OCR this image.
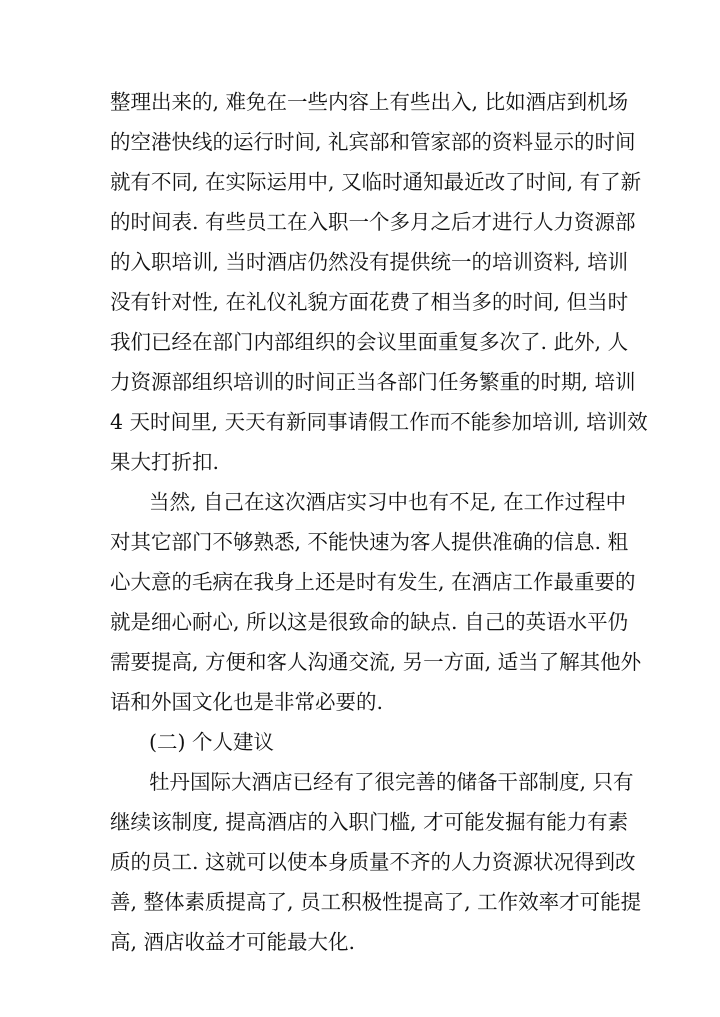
整理出来的, 难免在一些内容上有些出入, 比如酒店到机场
的空港快线的运行时间, 礼宾部和管家部的资料显示的时间
就有不同, 在实际运用中, 又临时通知最近改了时间, 有了新
的时间表. 有些员工在入职一个多月之后才进行人力资源部
的入职培训, 当时酒店仍然没有提供统一的培训资料, 培训
没有针对性, 在礼仪礼貌方面花费了相当多的时间, 但当时
我们已经在部门内部组织的会议里面重复多次了. 此外, 人
力资源部组织培训的时间正当各部门任务繁重的时期, 培训
4 天时间里, 天天有新同事请假工作而不能参加培训, 培训效
果大打折扣.
当然, 自己在这次酒店实习中也有不足, 在工作过程中
对其它部门不够熟悉, 不能快速为客人提供准确的信息. 粗
心大意的毛病在我身上还是时有发生, 在酒店工作最重要的
就是细心耐心, 所以这是很致命的缺点. 自己的英语水平仍
需要提高, 方便和客人沟通交流, 另一方面, 适当了解其他外
语和外国文化也是非常必要的.
(二) 个人建议
牡丹国际大酒店已经有了很完善的储备干部制度, 只有
继续该制度, 提高酒店的入职门槛, 才可能发掘有能力有素
质的员工. 这就可以使本身质量不齐的人力资源状况得到改
善, 整体素质提高了, 员工积极性提高了, 工作效率才可能提
高, 酒店收益才可能最大化.
